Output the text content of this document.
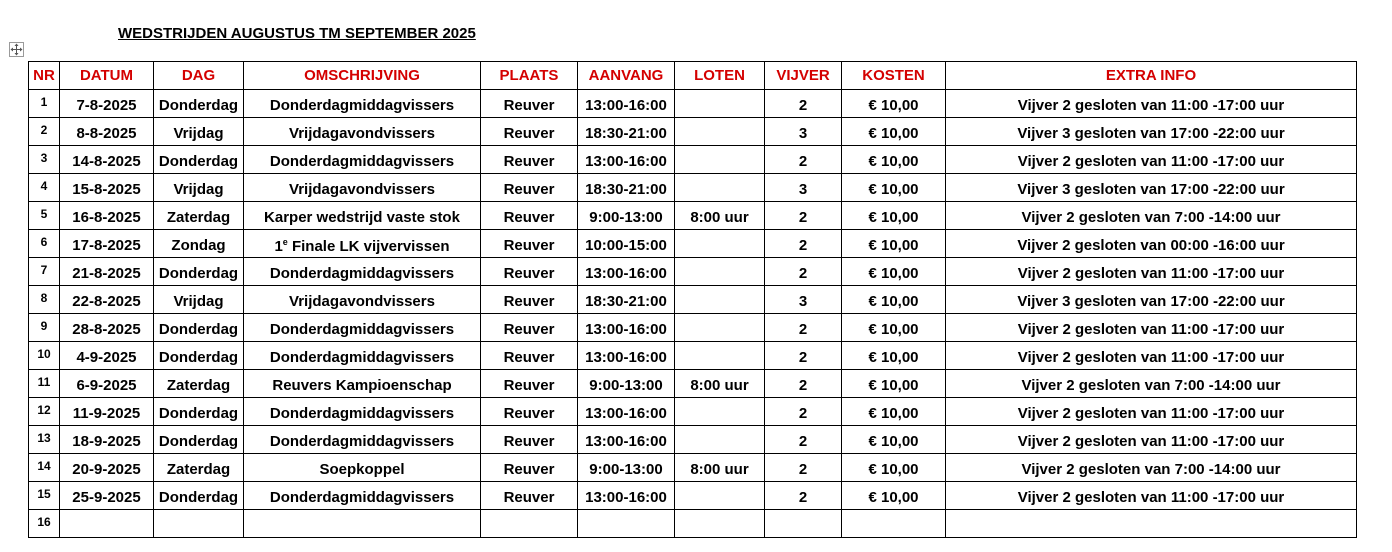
WEDSTRIJDEN AUGUSTUS TM SEPTEMBER 2025
NR	DATUM	DAG	OMSCHRIJVING	PLAATS	AANVANG	LOTEN	VIJVER	KOSTEN	EXTRA INFO
1	7-8-2025	Donderdag	Donderdagmiddagvissers	Reuver	13:00-16:00		2	€ 10,00	Vijver 2 gesloten van 11:00 -17:00 uur
2	8-8-2025	Vrijdag	Vrijdagavondvissers	Reuver	18:30-21:00		3	€ 10,00	Vijver 3 gesloten van 17:00 -22:00 uur
3	14-8-2025	Donderdag	Donderdagmiddagvissers	Reuver	13:00-16:00		2	€ 10,00	Vijver 2 gesloten van 11:00 -17:00 uur
4	15-8-2025	Vrijdag	Vrijdagavondvissers	Reuver	18:30-21:00		3	€ 10,00	Vijver 3 gesloten van 17:00 -22:00 uur
5	16-8-2025	Zaterdag	Karper wedstrijd vaste stok	Reuver	9:00-13:00	8:00 uur	2	€ 10,00	Vijver 2 gesloten van 7:00 -14:00 uur
6	17-8-2025	Zondag	1e Finale LK vijvervissen	Reuver	10:00-15:00		2	€ 10,00	Vijver 2 gesloten van 00:00 -16:00 uur
7	21-8-2025	Donderdag	Donderdagmiddagvissers	Reuver	13:00-16:00		2	€ 10,00	Vijver 2 gesloten van 11:00 -17:00 uur
8	22-8-2025	Vrijdag	Vrijdagavondvissers	Reuver	18:30-21:00		3	€ 10,00	Vijver 3 gesloten van 17:00 -22:00 uur
9	28-8-2025	Donderdag	Donderdagmiddagvissers	Reuver	13:00-16:00		2	€ 10,00	Vijver 2 gesloten van 11:00 -17:00 uur
10	4-9-2025	Donderdag	Donderdagmiddagvissers	Reuver	13:00-16:00		2	€ 10,00	Vijver 2 gesloten van 11:00 -17:00 uur
11	6-9-2025	Zaterdag	Reuvers Kampioenschap	Reuver	9:00-13:00	8:00 uur	2	€ 10,00	Vijver 2 gesloten van 7:00 -14:00 uur
12	11-9-2025	Donderdag	Donderdagmiddagvissers	Reuver	13:00-16:00		2	€ 10,00	Vijver 2 gesloten van 11:00 -17:00 uur
13	18-9-2025	Donderdag	Donderdagmiddagvissers	Reuver	13:00-16:00		2	€ 10,00	Vijver 2 gesloten van 11:00 -17:00 uur
14	20-9-2025	Zaterdag	Soepkoppel	Reuver	9:00-13:00	8:00 uur	2	€ 10,00	Vijver 2 gesloten van 7:00 -14:00 uur
15	25-9-2025	Donderdag	Donderdagmiddagvissers	Reuver	13:00-16:00		2	€ 10,00	Vijver 2 gesloten van 11:00 -17:00 uur
16									
